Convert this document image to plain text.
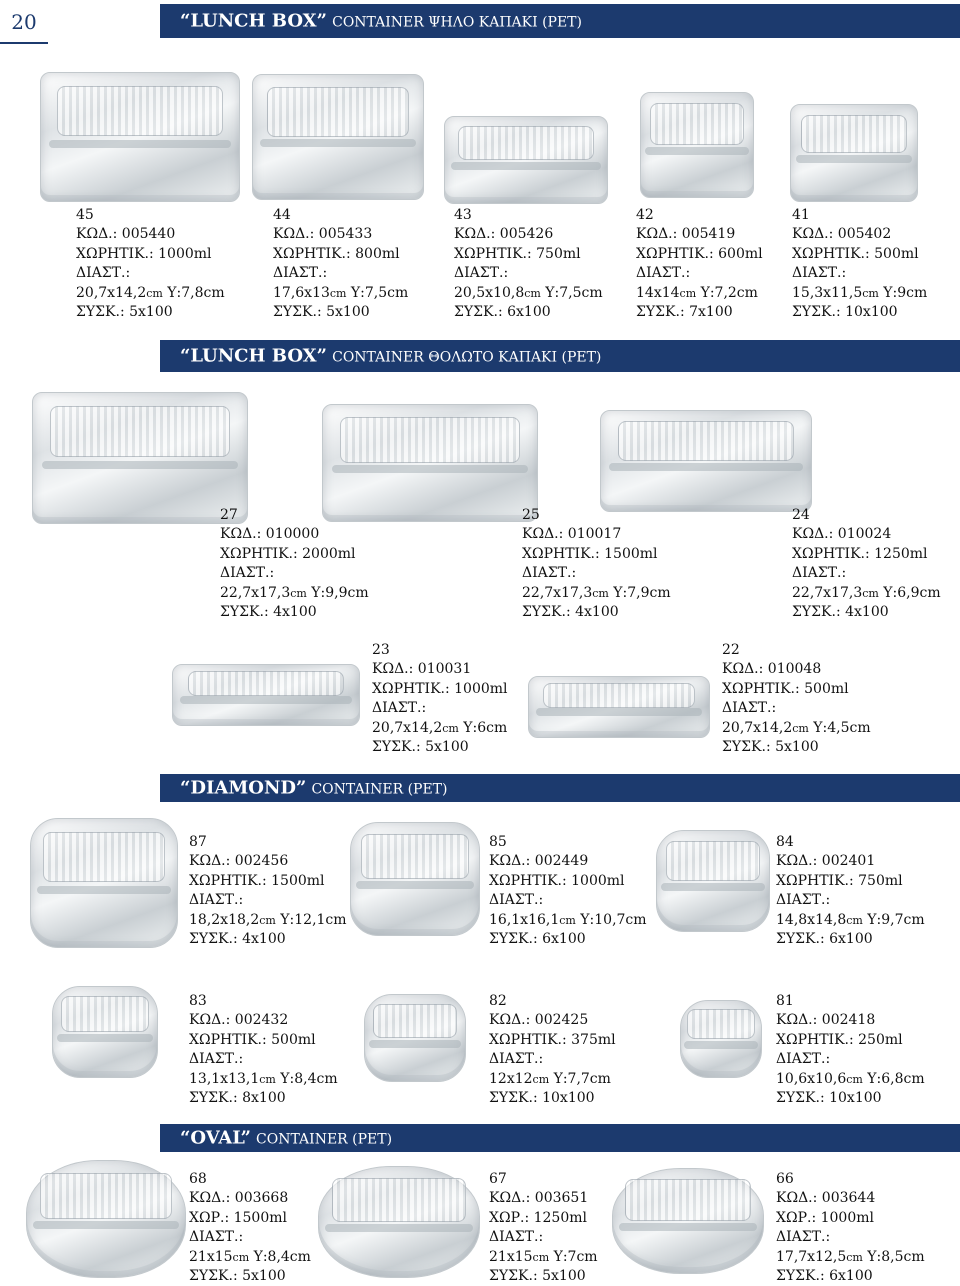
20	“LUNCH BOX” CONTAINER ΨΗΛΟ ΚΑΠΑΚΙ (PET)
45
ΚΩΔ.: 005440
ΧΩΡΗΤΙΚ.: 1000ml
ΔΙΑΣΤ.:
20,7x14,2cm Υ:7,8cm
ΣΥΣΚ.: 5x100
44
ΚΩΔ.: 005433
ΧΩΡΗΤΙΚ.: 800ml
ΔΙΑΣΤ.:
17,6x13cm Υ:7,5cm
ΣΥΣΚ.: 5x100
43
ΚΩΔ.: 005426
ΧΩΡΗΤΙΚ.: 750ml
ΔΙΑΣΤ.:
20,5x10,8cm Υ:7,5cm
ΣΥΣΚ.: 6x100
42
ΚΩΔ.: 005419
ΧΩΡΗΤΙΚ.: 600ml
ΔΙΑΣΤ.:
14x14cm Υ:7,2cm
ΣΥΣΚ.: 7x100
41
ΚΩΔ.: 005402
ΧΩΡΗΤΙΚ.: 500ml
ΔΙΑΣΤ.:
15,3x11,5cm Υ:9cm
ΣΥΣΚ.: 10x100
“LUNCH BOX” CONTAINER ΘΟΛΩΤΟ ΚΑΠΑΚΙ (PET)
27
ΚΩΔ.: 010000
ΧΩΡΗΤΙΚ.: 2000ml
ΔΙΑΣΤ.:
22,7x17,3cm Υ:9,9cm
ΣΥΣΚ.: 4x100
25
ΚΩΔ.: 010017
ΧΩΡΗΤΙΚ.: 1500ml
ΔΙΑΣΤ.:
22,7x17,3cm Υ:7,9cm
ΣΥΣΚ.: 4x100
24
ΚΩΔ.: 010024
ΧΩΡΗΤΙΚ.: 1250ml
ΔΙΑΣΤ.:
22,7x17,3cm Υ:6,9cm
ΣΥΣΚ.: 4x100
23
ΚΩΔ.: 010031
ΧΩΡΗΤΙΚ.: 1000ml
ΔΙΑΣΤ.:
20,7x14,2cm Υ:6cm
ΣΥΣΚ.: 5x100
22
ΚΩΔ.: 010048
ΧΩΡΗΤΙΚ.: 500ml
ΔΙΑΣΤ.:
20,7x14,2cm Υ:4,5cm
ΣΥΣΚ.: 5x100
“DIAMOND” CONTAINER (PET)
87
ΚΩΔ.: 002456
ΧΩΡΗΤΙΚ.: 1500ml
ΔΙΑΣΤ.:
18,2x18,2cm Υ:12,1cm
ΣΥΣΚ.: 4x100
85
ΚΩΔ.: 002449
ΧΩΡΗΤΙΚ.: 1000ml
ΔΙΑΣΤ.:
16,1x16,1cm Υ:10,7cm
ΣΥΣΚ.: 6x100
84
ΚΩΔ.: 002401
ΧΩΡΗΤΙΚ.: 750ml
ΔΙΑΣΤ.:
14,8x14,8cm Υ:9,7cm
ΣΥΣΚ.: 6x100
83
ΚΩΔ.: 002432
ΧΩΡΗΤΙΚ.: 500ml
ΔΙΑΣΤ.:
13,1x13,1cm Υ:8,4cm
ΣΥΣΚ.: 8x100
82
ΚΩΔ.: 002425
ΧΩΡΗΤΙΚ.: 375ml
ΔΙΑΣΤ.:
12x12cm Υ:7,7cm
ΣΥΣΚ.: 10x100
81
ΚΩΔ.: 002418
ΧΩΡΗΤΙΚ.: 250ml
ΔΙΑΣΤ.:
10,6x10,6cm Υ:6,8cm
ΣΥΣΚ.: 10x100
“OVAL” CONTAINER (PET)
68
ΚΩΔ.: 003668
ΧΩΡ.: 1500ml
ΔΙΑΣΤ.:
21x15cm Υ:8,4cm
ΣΥΣΚ.: 5x100
67
ΚΩΔ.: 003651
ΧΩΡ.: 1250ml
ΔΙΑΣΤ.:
21x15cm Υ:7cm
ΣΥΣΚ.: 5x100
66
ΚΩΔ.: 003644
ΧΩΡ.: 1000ml
ΔΙΑΣΤ.:
17,7x12,5cm Υ:8,5cm
ΣΥΣΚ.: 6x100
